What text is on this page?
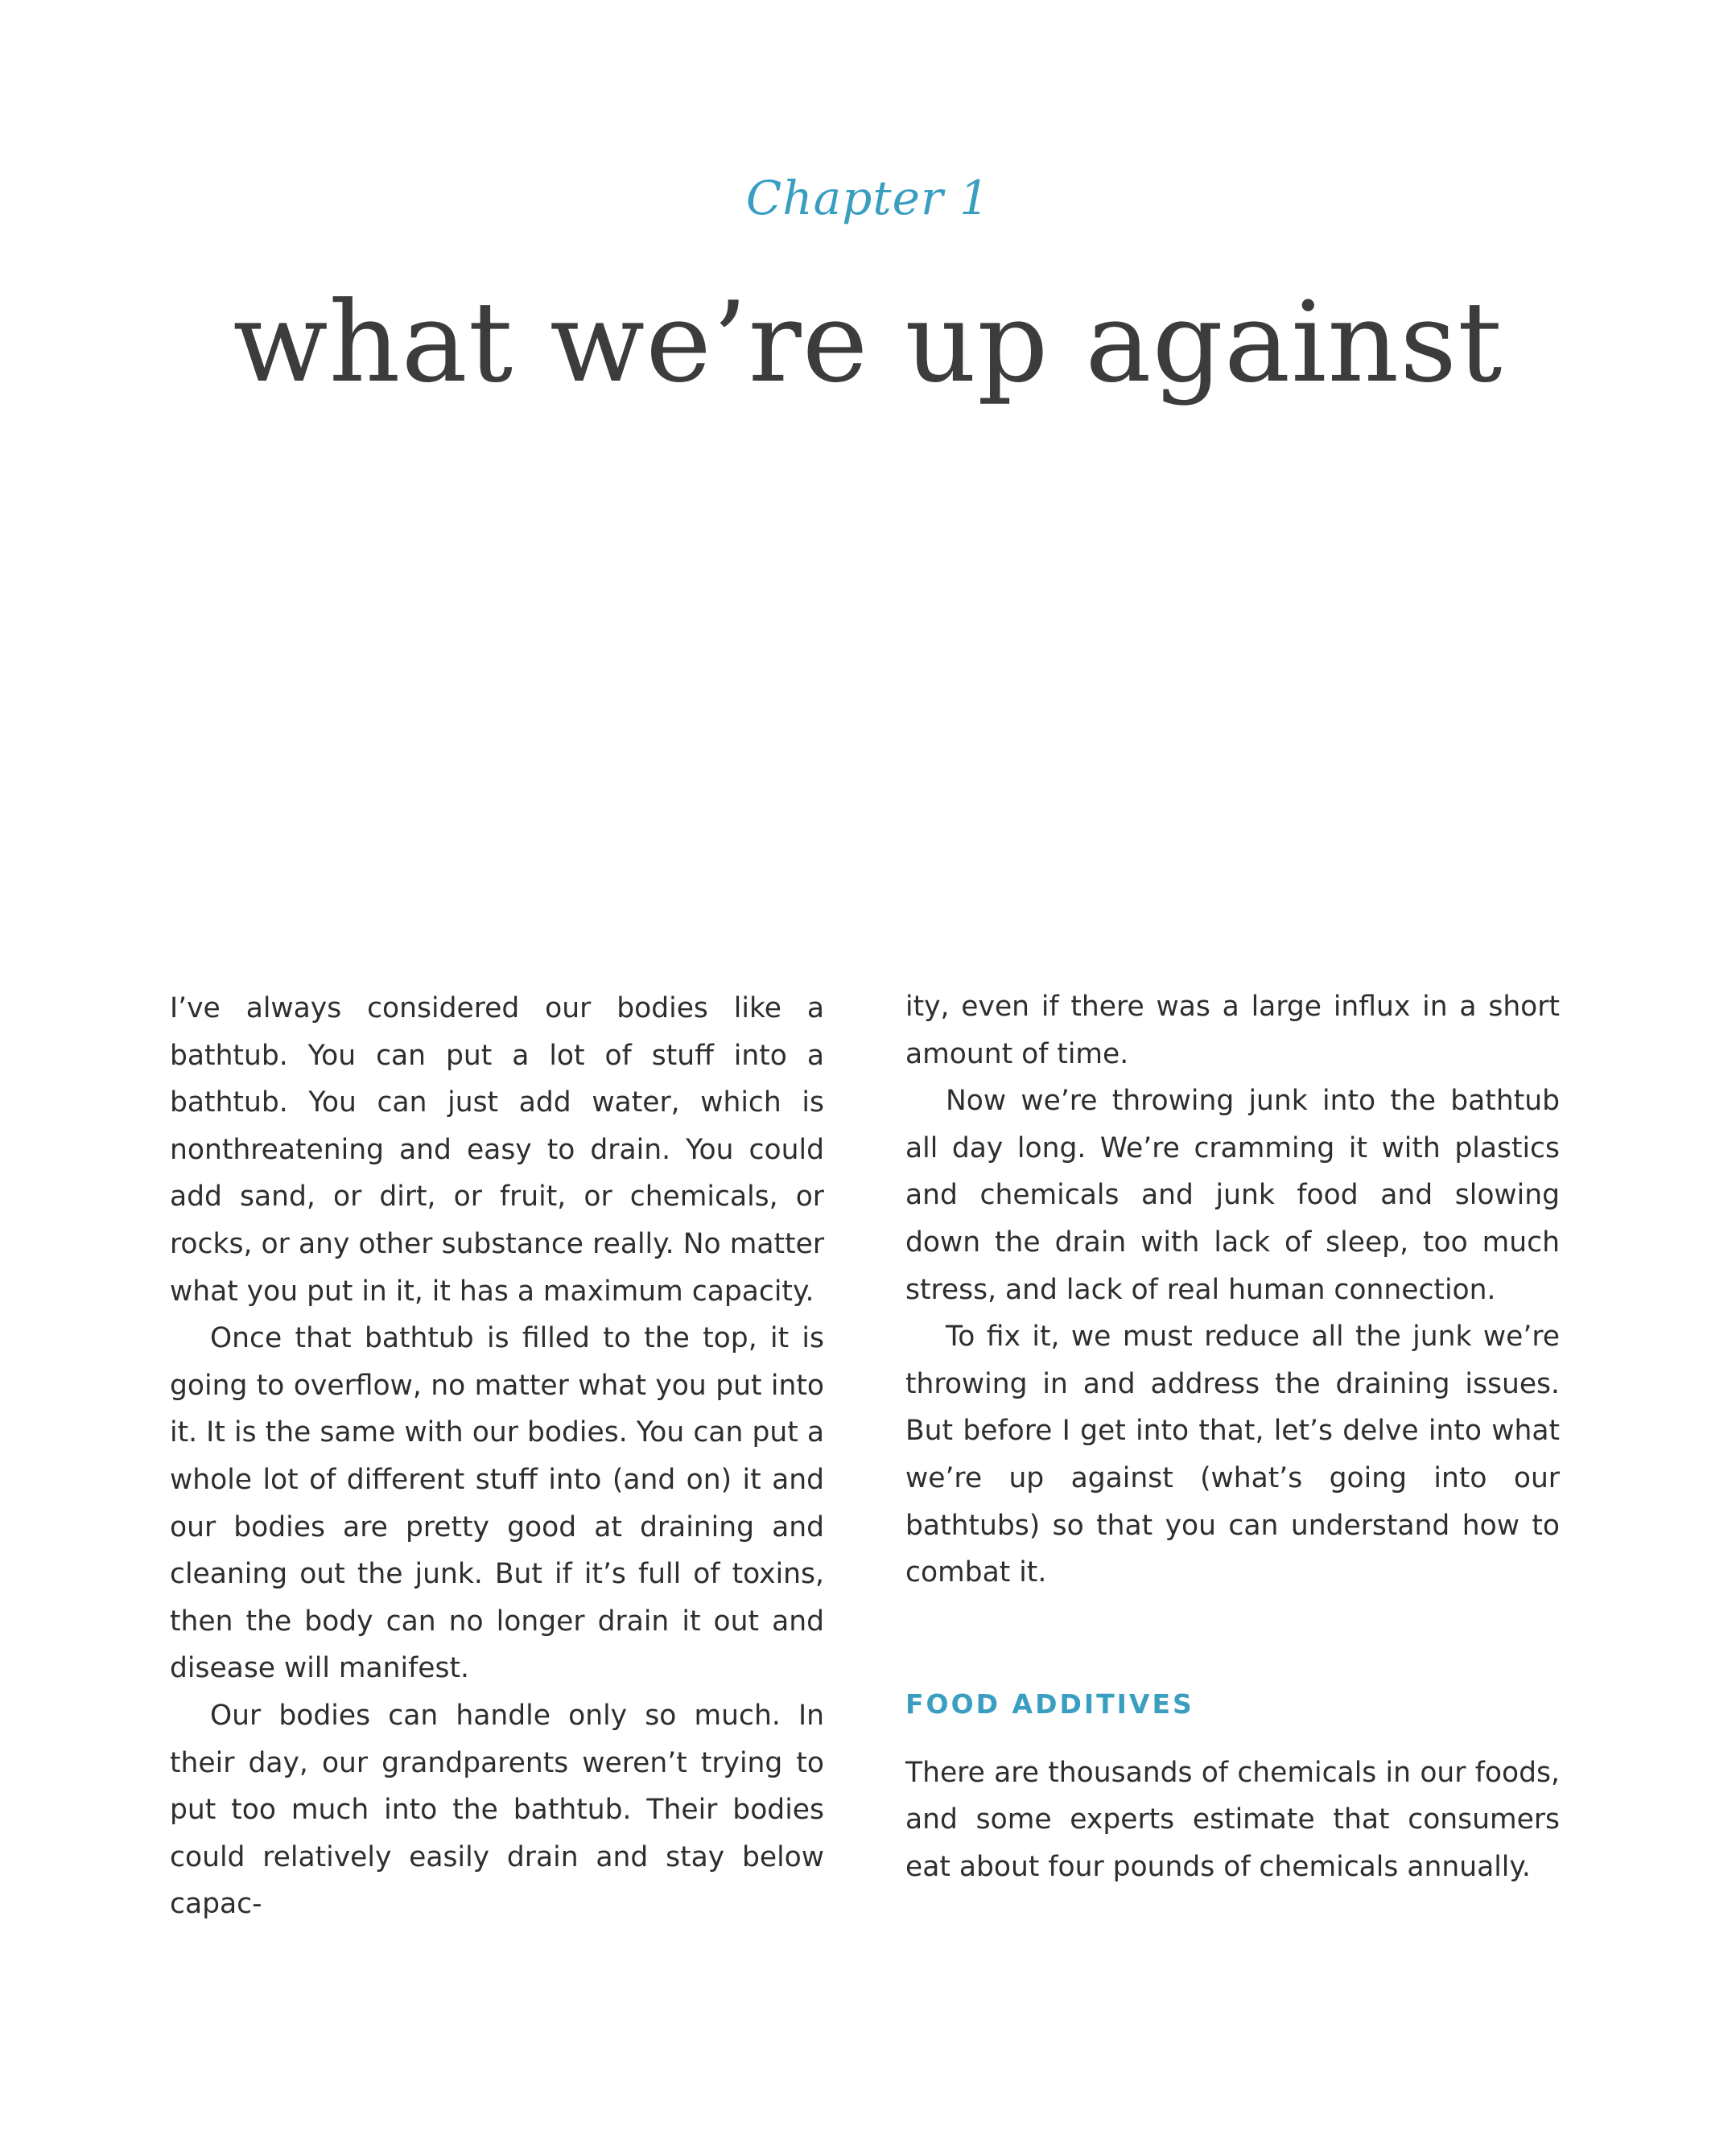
Chapter 1
what we’re up against

I’ve always considered our bodies like a bathtub. You can put a lot of stuff into a bathtub. You can just add water, which is nonthreatening and easy to drain. You could add sand, or dirt, or fruit, or chemicals, or rocks, or any other substance really. No matter what you put in it, it has a maximum capacity.

Once that bathtub is filled to the top, it is going to overflow, no matter what you put into it. It is the same with our bodies. You can put a whole lot of different stuff into (and on) it and our bodies are pretty good at draining and cleaning out the junk. But if it’s full of toxins, then the body can no longer drain it out and disease will manifest.

Our bodies can handle only so much. In their day, our grandparents weren’t trying to put too much into the bathtub. Their bodies could relatively easily drain and stay below capac-

ity, even if there was a large influx in a short amount of time.

Now we’re throwing junk into the bathtub all day long. We’re cramming it with plastics and chemicals and junk food and slowing down the drain with lack of sleep, too much stress, and lack of real human connection.

To fix it, we must reduce all the junk we’re throwing in and address the draining issues. But before I get into that, let’s delve into what we’re up against (what’s going into our bathtubs) so that you can understand how to combat it.

FOOD ADDITIVES

There are thousands of chemicals in our foods, and some experts estimate that consumers eat about four pounds of chemicals annually.
